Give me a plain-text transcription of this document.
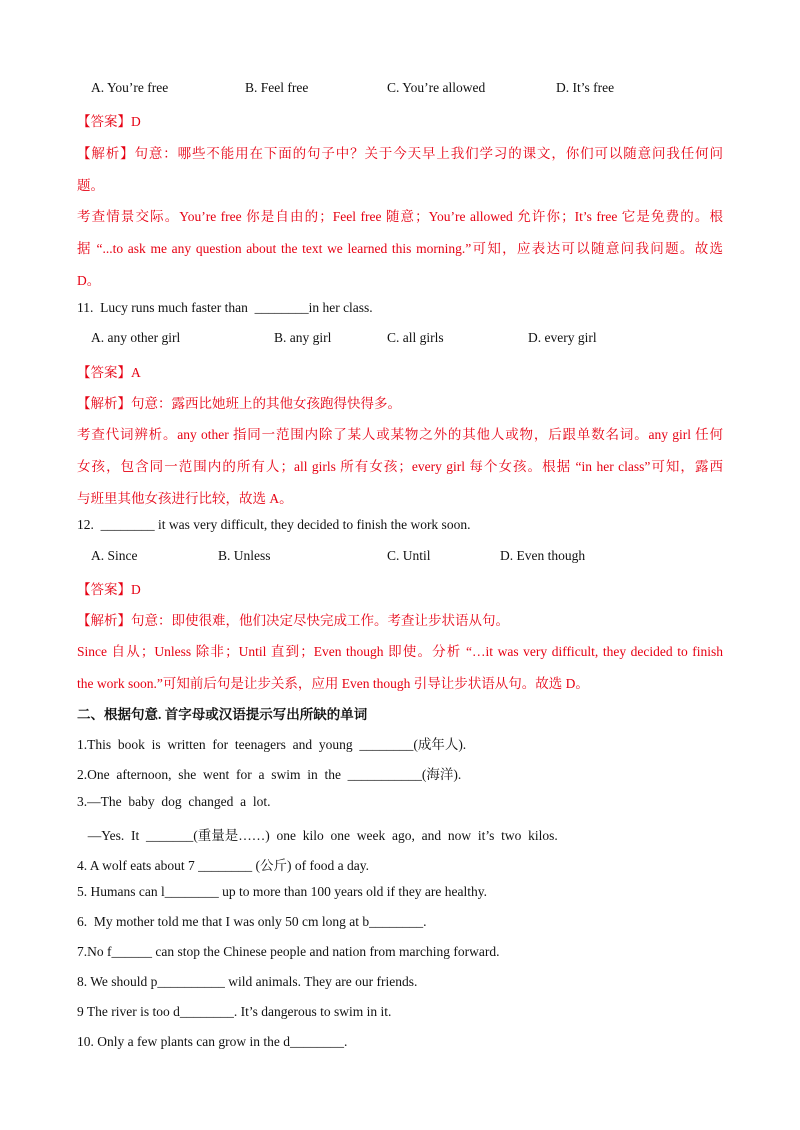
A. You’re free	B. Feel free	C. You’re allowed	D. It’s free
【答案】D
【解析】句意：哪些不能用在下面的句子中？关于今天早上我们学习的课文，你们可以随意问我任何问
题。
考查情景交际。You’re free 你是自由的；Feel free 随意；You’re allowed 允许你；It’s free 它是免费的。根
据 “...to ask me any question about the text we learned this morning.”可知，应表达可以随意问我问题。故选
D。
11.  Lucy runs much faster than  ________in her class.
A. any other girl	B. any girl	C. all girls	D. every girl
【答案】A
【解析】句意：露西比她班上的其他女孩跑得快得多。
考查代词辨析。any other 指同一范围内除了某人或某物之外的其他人或物，后跟单数名词。any girl 任何
女孩，包含同一范围内的所有人；all girls 所有女孩；every girl 每个女孩。根据 “in her class”可知，露西
与班里其他女孩进行比较，故选 A。
12.  ________ it was very difficult, they decided to finish the work soon.
A. Since	B. Unless	C. Until	D. Even though
【答案】D
【解析】句意：即使很难，他们决定尽快完成工作。考查让步状语从句。
Since 自从；Unless 除非；Until 直到；Even though 即使。分析 “…it was very difficult, they decided to finish
the work soon.”可知前后句是让步关系，应用 Even though 引导让步状语从句。故选 D。
二、根据句意. 首字母或汉语提示写出所缺的单词
1.This  book  is  written  for  teenagers  and  young  ________(成年人).
2.One  afternoon,  she  went  for  a  swim  in  the  ___________(海洋).
3.—The  baby  dog  changed  a  lot.
—Yes.  It  _______(重量是……)  one  kilo  one  week  ago,  and  now  it’s  two  kilos.
4. A wolf eats about 7 ________ (公斤) of food a day.
5. Humans can l________ up to more than 100 years old if they are healthy.
6.  My mother told me that I was only 50 cm long at b________.
7.No f______ can stop the Chinese people and nation from marching forward.
8. We should p__________ wild animals. They are our friends.
9 The river is too d________. It’s dangerous to swim in it.
10. Only a few plants can grow in the d________.
